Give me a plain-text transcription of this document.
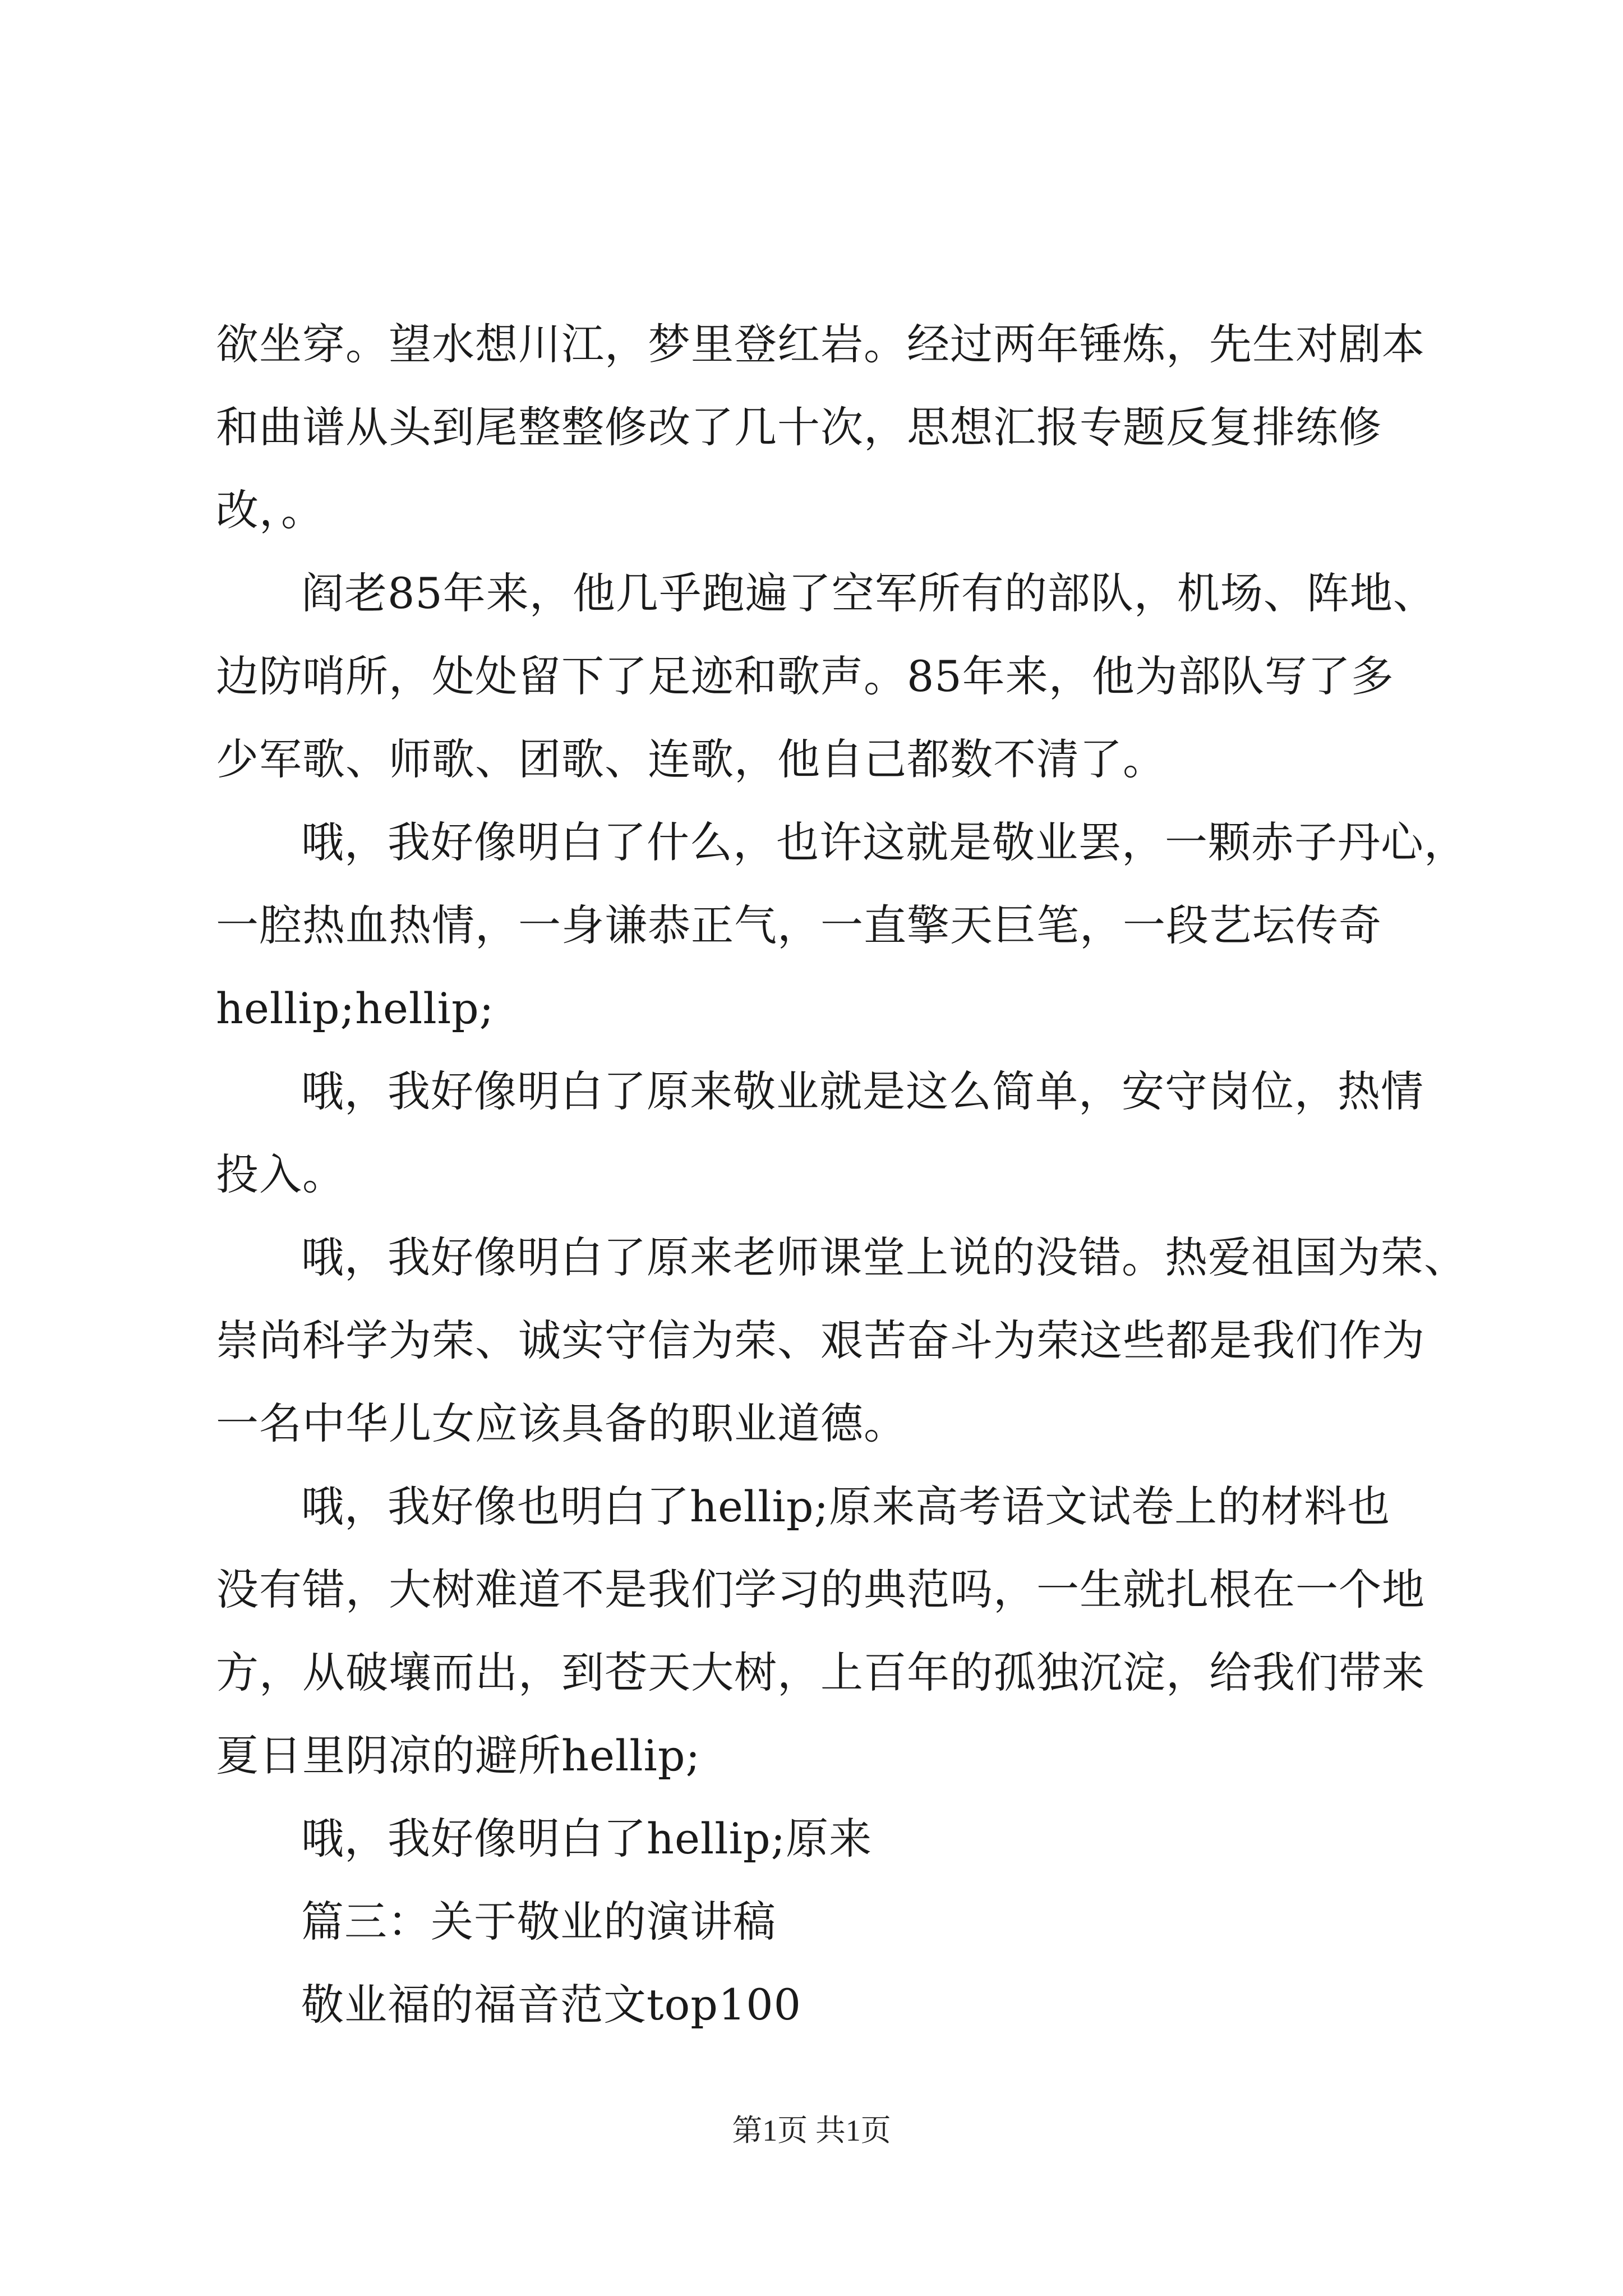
欲坐穿。望水想川江，梦里登红岩。经过两年锤炼，先生对剧本
和曲谱从头到尾整整修改了几十次，思想汇报专题反复排练修
改，。
阎老85年来，他几乎跑遍了空军所有的部队，机场、阵地、
边防哨所，处处留下了足迹和歌声。85年来，他为部队写了多
少军歌、师歌、团歌、连歌，他自己都数不清了。
哦，我好像明白了什么，也许这就是敬业罢，一颗赤子丹心，
一腔热血热情，一身谦恭正气，一直擎天巨笔，一段艺坛传奇
hellip;hellip;
哦，我好像明白了原来敬业就是这么简单，安守岗位，热情
投入。
哦，我好像明白了原来老师课堂上说的没错。热爱祖国为荣、
崇尚科学为荣、诚实守信为荣、艰苦奋斗为荣这些都是我们作为
一名中华儿女应该具备的职业道德。
哦，我好像也明白了hellip;原来高考语文试卷上的材料也
没有错，大树难道不是我们学习的典范吗，一生就扎根在一个地
方，从破壤而出，到苍天大树，上百年的孤独沉淀，给我们带来
夏日里阴凉的避所hellip;
哦，我好像明白了hellip;原来
篇三：关于敬业的演讲稿
敬业福的福音范文top100
第1页 共1页
